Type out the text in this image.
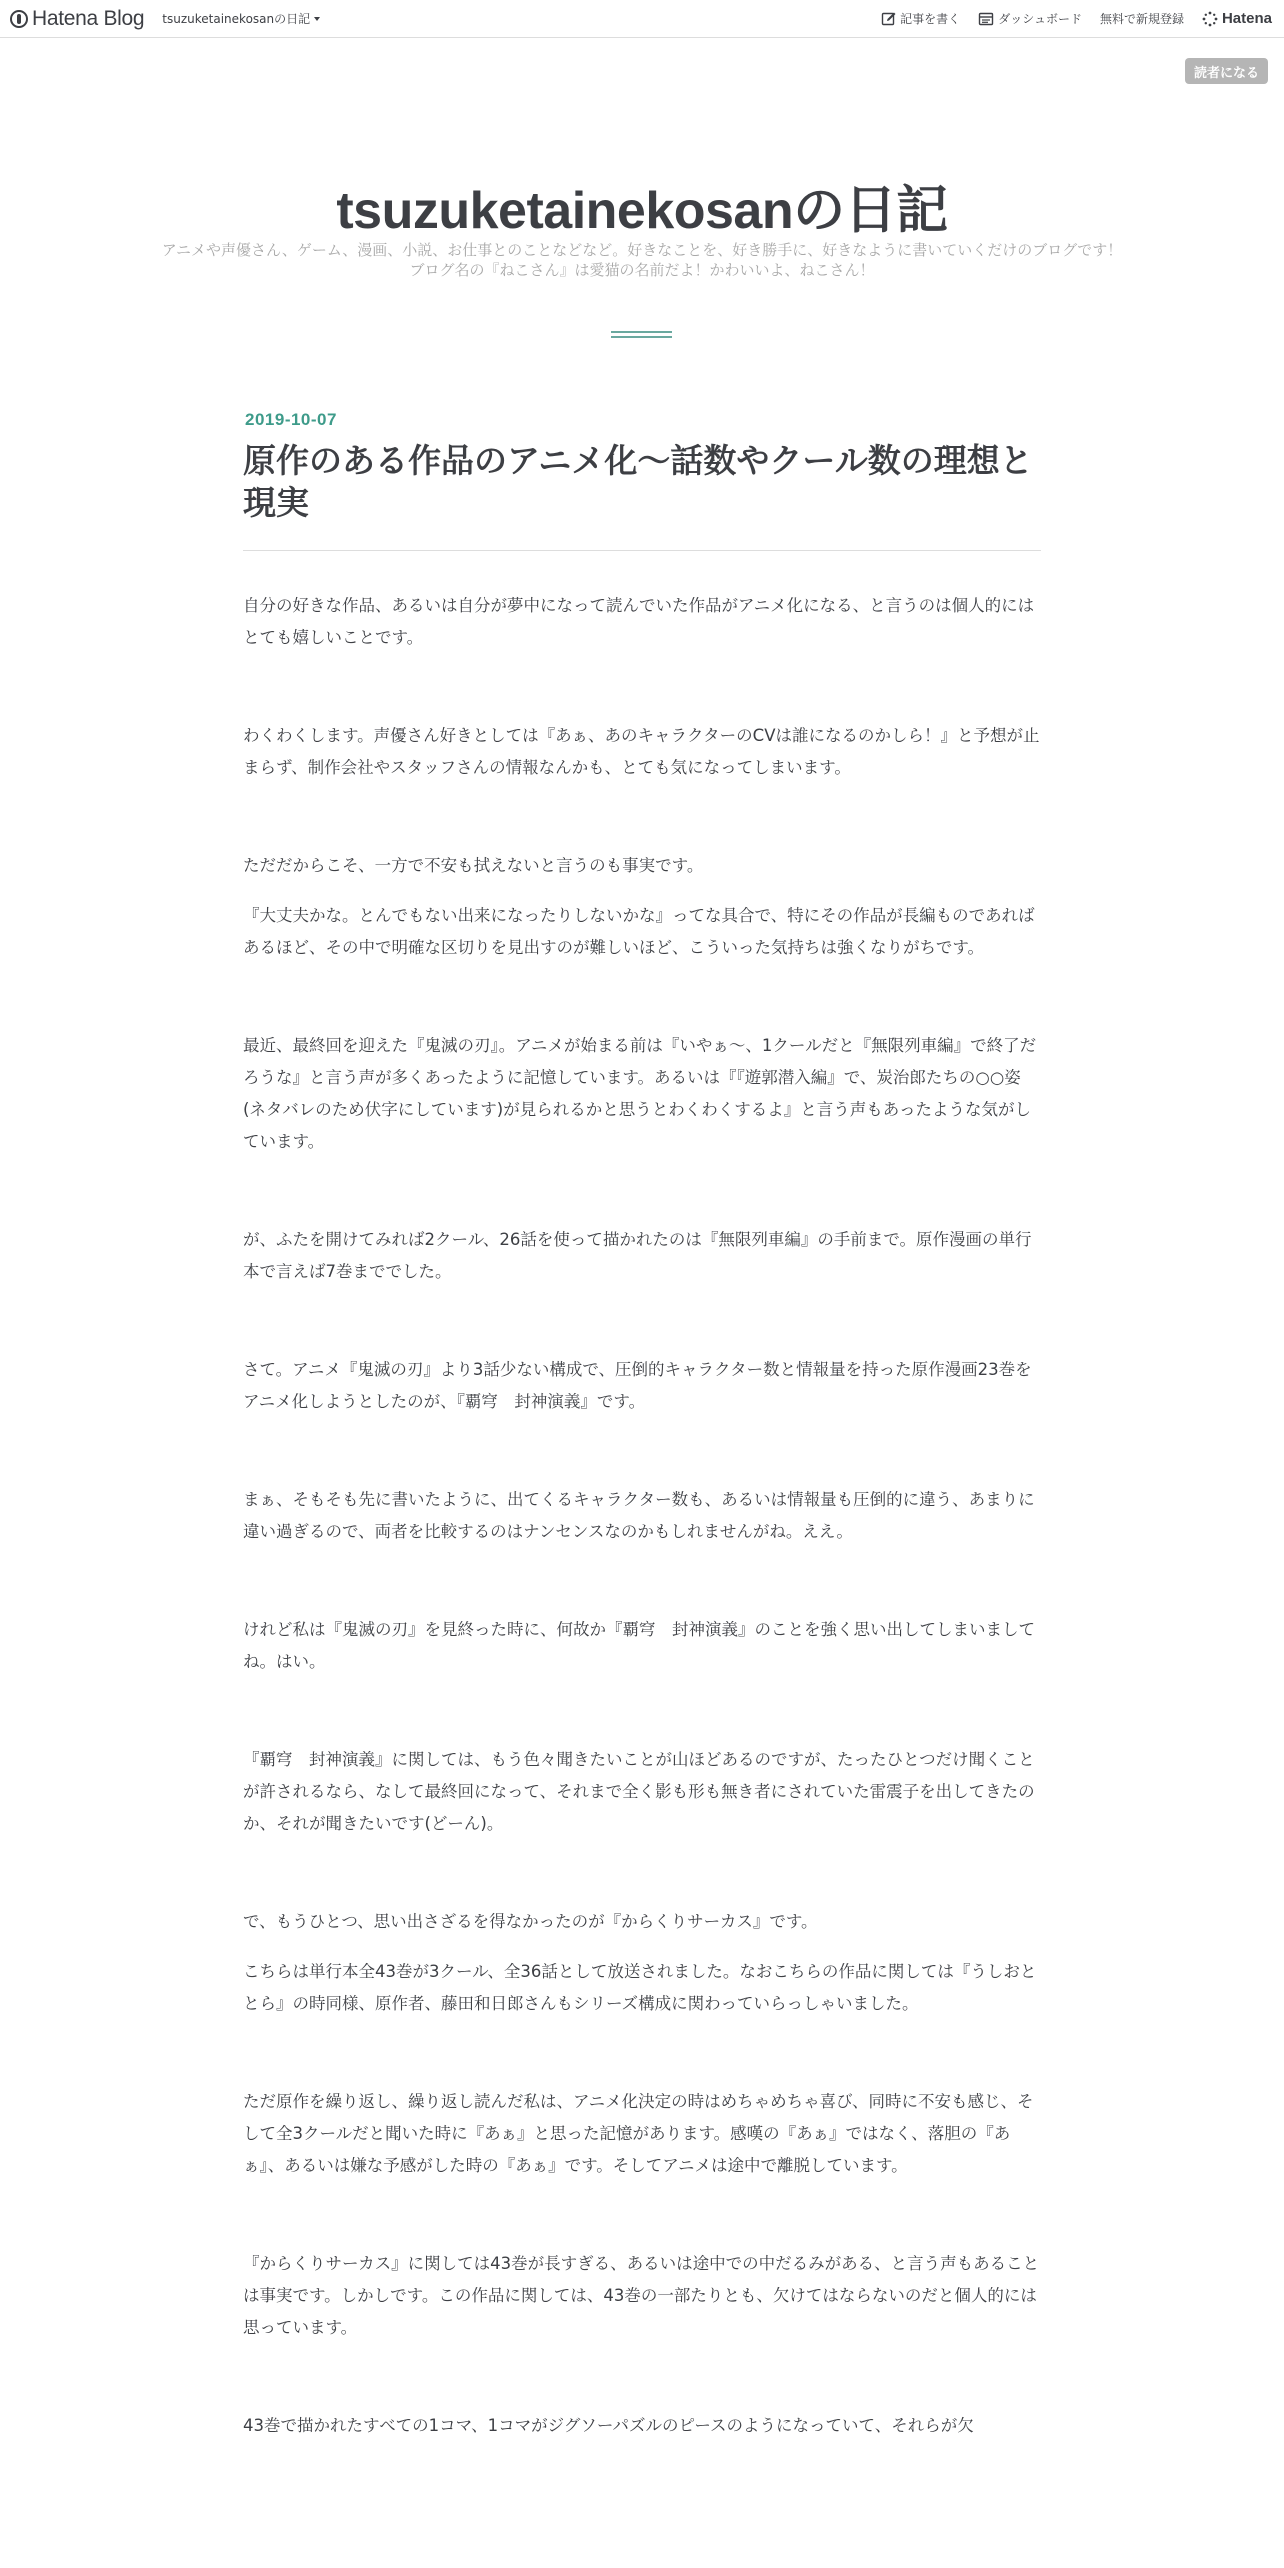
Hatena Blog tsuzuketainekosanの日記	記事を書く	ダッシュボード 無料で新規登録	Hatena
読者になる
tsuzuketainekosanの日記

アニメや声優さん、ゲーム、漫画、小説、お仕事とのことなどなど。好きなことを、好き勝手に、好きなように書いていくだけのブログです！ブログ名の『ねこさん』は愛猫の名前だよ！かわいいよ、ねこさん！

2019-10-07
原作のある作品のアニメ化～話数やクール数の理想と現実

自分の好きな作品、あるいは自分が夢中になって読んでいた作品がアニメ化になる、と言うのは個人的にはとても嬉しいことです。

わくわくします。声優さん好きとしては『あぁ、あのキャラクターのCVは誰になるのかしら！』と予想が止まらず、制作会社やスタッフさんの情報なんかも、とても気になってしまいます。

ただだからこそ、一方で不安も拭えないと言うのも事実です。

『大丈夫かな。とんでもない出来になったりしないかな』ってな具合で、特にその作品が長編ものであればあるほど、その中で明確な区切りを見出すのが難しいほど、こういった気持ちは強くなりがちです。

最近、最終回を迎えた『鬼滅の刃』。アニメが始まる前は『いやぁ～、1クールだと『無限列車編』で終了だろうな』と言う声が多くあったように記憶しています。あるいは『『遊郭潜入編』で、炭治郎たちの○○姿(ネタバレのため伏字にしています)が見られるかと思うとわくわくするよ』と言う声もあったような気がしています。

が、ふたを開けてみれば2クール、26話を使って描かれたのは『無限列車編』の手前まで。原作漫画の単行本で言えば7巻まででした。

さて。アニメ『鬼滅の刃』より3話少ない構成で、圧倒的キャラクター数と情報量を持った原作漫画23巻をアニメ化しようとしたのが、『覇穹　封神演義』です。

まぁ、そもそも先に書いたように、出てくるキャラクター数も、あるいは情報量も圧倒的に違う、あまりに違い過ぎるので、両者を比較するのはナンセンスなのかもしれませんがね。ええ。

けれど私は『鬼滅の刃』を見終った時に、何故か『覇穹　封神演義』のことを強く思い出してしまいましてね。はい。

『覇穹　封神演義』に関しては、もう色々聞きたいことが山ほどあるのですが、たったひとつだけ聞くことが許されるなら、なして最終回になって、それまで全く影も形も無き者にされていた雷震子を出してきたのか、それが聞きたいです(どーん)。

で、もうひとつ、思い出さざるを得なかったのが『からくりサーカス』です。

こちらは単行本全43巻が3クール、全36話として放送されました。なおこちらの作品に関しては『うしおととら』の時同様、原作者、藤田和日郎さんもシリーズ構成に関わっていらっしゃいました。

ただ原作を繰り返し、繰り返し読んだ私は、アニメ化決定の時はめちゃめちゃ喜び、同時に不安も感じ、そして全3クールだと聞いた時に『あぁ』と思った記憶があります。感嘆の『あぁ』ではなく、落胆の『あぁ』、あるいは嫌な予感がした時の『あぁ』です。そしてアニメは途中で離脱しています。

『からくりサーカス』に関しては43巻が長すぎる、あるいは途中での中だるみがある、と言う声もあることは事実です。しかしです。この作品に関しては、43巻の一部たりとも、欠けてはならないのだと個人的には思っています。

43巻で描かれたすべての1コマ、1コマがジグソーパズルのピースのようになっていて、それらが欠
